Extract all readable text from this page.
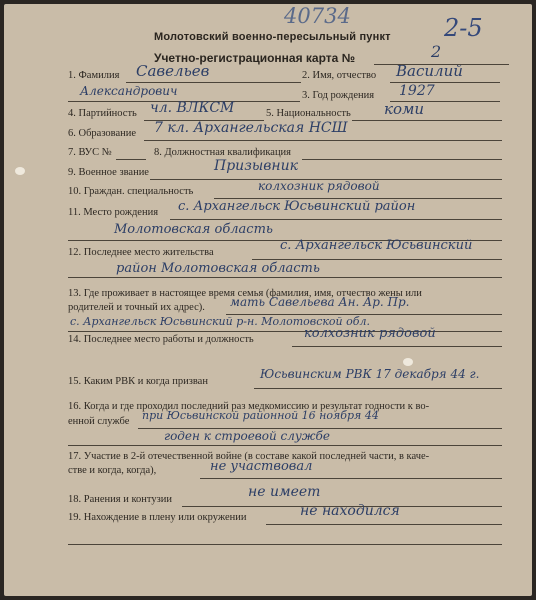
40734	2-5
Молотовский военно-пересыльный пункт
Учетно-регистрационная карта №	2
1. Фамилия Савельев	2. Имя, отчество Василий
Александрович	3. Год рождения 1927
4. Партийность чл. ВЛКСМ	5. Национальность коми
6. Образование 7 кл. Архангельская НСШ
7. ВУС №	8. Должностная квалификация
9. Военное звание	Призывник
10. Граждан. специальность	колхозник рядовой
11. Место рождения с. Архангельск Юсьвинский район
Молотовская область
12. Последнее место жительства	с. Архангельск Юсьвинский
район Молотовская область
13. Где проживает в настоящее время семья (фамилия, имя, отчество жены или
родителей и точный их адрес). мать Савельева Ан. Ар. Пр.
с. Архангельск Юсьвинский р-н. Молотовской обл.
14. Последнее место работы и должность	колхозник рядовой
15. Каким РВК и когда призван
Юсьвинским РВК 17 декабря 44 г.
16. Когда и где проходил последний раз медкомиссию и результат годности к во-
енной службе при Юсьвинской районной 16 ноября 44
годен к строевой службе
17. Участие в 2-й отечественной войне (в составе какой последней части, в каче-
стве и когда, когда),	не участвовал
18. Ранения и контузии	не имеет
19. Нахождение в плену или окружении	не находился
